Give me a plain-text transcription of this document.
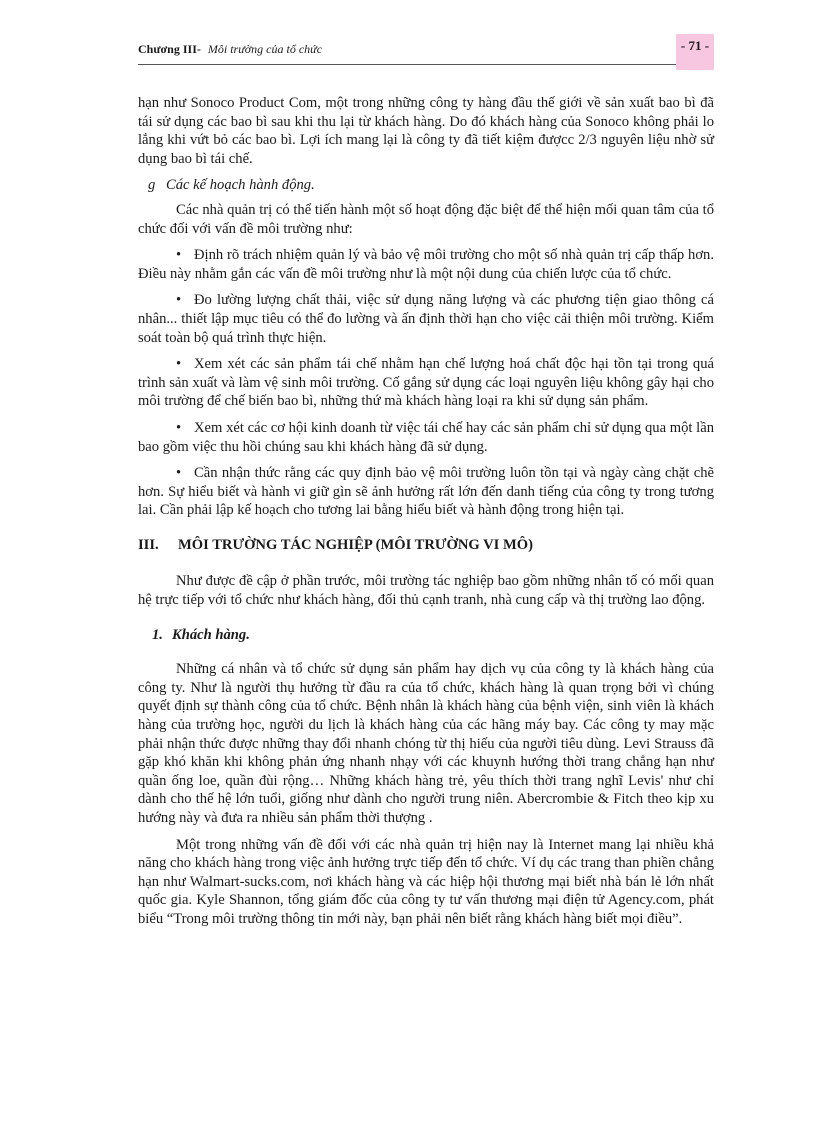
Chương III- Môi trường của tổ chức	- 71 -

hạn như Sonoco Product Com, một trong những công ty hàng đầu thế giới về sản xuất bao bì đã tái sử dụng các bao bì sau khi thu lại từ khách hàng. Do đó khách hàng của Sonoco không phải lo lắng khi vứt bỏ các bao bì. Lợi ích mang lại là công ty đã tiết kiệm đượcc 2/3 nguyên liệu nhờ sử dụng bao bì tái chế.

g Các kế hoạch hành động.

Các nhà quản trị có thể tiến hành một số hoạt động đặc biệt để thể hiện mối quan tâm của tổ chức đối với vấn đề môi trường như:

• Định rõ trách nhiệm quản lý và bảo vệ môi trường cho một số nhà quản trị cấp thấp hơn. Điều này nhằm gắn các vấn đề môi trường như là một nội dung của chiến lược của tổ chức.

• Đo lường lượng chất thải, việc sử dụng năng lượng và các phương tiện giao thông cá nhân... thiết lập mục tiêu có thể đo lường và ấn định thời hạn cho việc cải thiện môi trường. Kiểm soát toàn bộ quá trình thực hiện.

• Xem xét các sản phẩm tái chế nhằm hạn chế lượng hoá chất độc hại tồn tại trong quá trình sản xuất và làm vệ sinh môi trường. Cố gắng sử dụng các loại nguyên liệu không gây hại cho môi trường để chế biến bao bì, những thứ mà khách hàng loại ra khi sử dụng sản phẩm.

• Xem xét các cơ hội kinh doanh từ việc tái chế hay các sản phẩm chỉ sử dụng qua một lần bao gồm việc thu hồi chúng sau khi khách hàng đã sử dụng.

• Cần nhận thức rằng các quy định bảo vệ môi trường luôn tồn tại và ngày càng chặt chẽ hơn. Sự hiểu biết và hành vi giữ gìn sẽ ảnh hưởng rất lớn đến danh tiếng của công ty trong tương lai. Cần phải lập kế hoạch cho tương lai bằng hiểu biết và hành động trong hiện tại.

III. MÔI TRƯỜNG TÁC NGHIỆP (MÔI TRƯỜNG VI MÔ)

Như được đề cập ở phần trước, môi trường tác nghiệp bao gồm những nhân tố có mối quan hệ trực tiếp với tổ chức như khách hàng, đối thủ cạnh tranh, nhà cung cấp và thị trường lao động.

1. Khách hàng.

Những cá nhân và tổ chức sử dụng sản phẩm hay dịch vụ của công ty là khách hàng của công ty. Như là người thụ hưởng từ đầu ra của tổ chức, khách hàng là quan trọng bởi vì chúng quyết định sự thành công của tổ chức. Bệnh nhân là khách hàng của bệnh viện, sinh viên là khách hàng của trường học, người du lịch là khách hàng của các hãng máy bay. Các công ty may mặc phải nhận thức được những thay đổi nhanh chóng từ thị hiếu của người tiêu dùng. Levi Strauss đã gặp khó khăn khi không phản ứng nhanh nhạy với các khuynh hướng thời trang chẳng hạn như quần ống loe, quần đùi rộng… Những khách hàng trẻ, yêu thích thời trang nghĩ Levis' như chỉ dành cho thế hệ lớn tuổi, giống như dành cho người trung niên. Abercrombie & Fitch theo kịp xu hướng này và đưa ra nhiều sản phẩm thời thượng .

Một trong những vấn đề đối với các nhà quản trị hiện nay là Internet mang lại nhiều khả năng cho khách hàng trong việc ảnh hưởng trực tiếp đến tổ chức. Ví dụ các trang than phiền chẳng hạn như Walmart-sucks.com, nơi khách hàng và các hiệp hội thương mại biết nhà bán lẻ lớn nhất quốc gia. Kyle Shannon, tổng giám đốc của công ty tư vấn thương mại điện tử Agency.com, phát biểu “Trong môi trường thông tin mới này, bạn phải nên biết rằng khách hàng biết mọi điều”.
